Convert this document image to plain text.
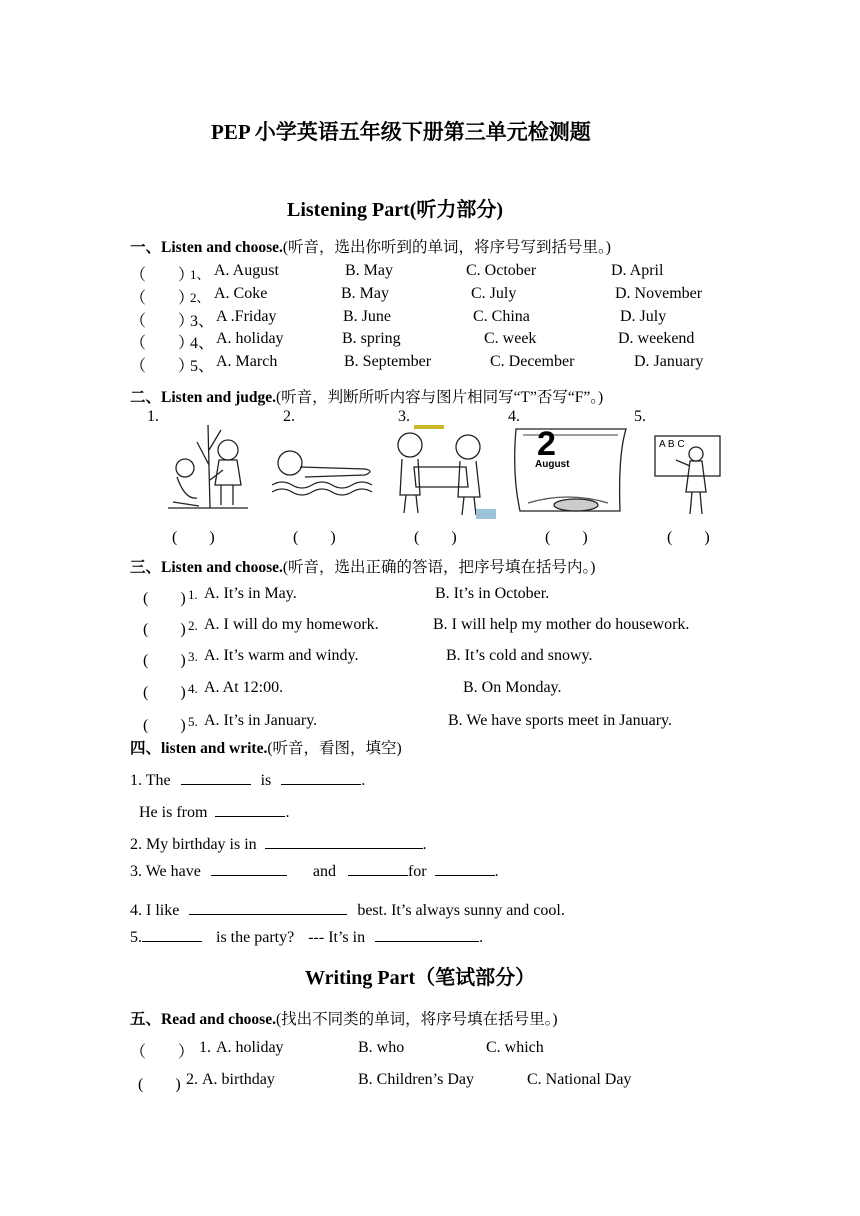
PEP 小学英语五年级下册第三单元检测题
Listening Part(听力部分)
一、Listen and choose.(听音，选出你听到的单词，将序号写到括号里。)
（　　）
1、 A. August	B. May	C. October	D. April
（　　）
2、 A. Coke	B. May	C. July	D. November
（　　）
3、 A .Friday	B. June	C. China	D. July
（　　）
4、 A. holiday	B. spring	C. week	D. weekend
（　　）
5、 A. March	B. September	C. December	D. January
二、Listen and judge.(听音，判断所听内容与图片相同写“T”否写“F”。)
1.	2.	3.	4.	5.
2
August
A B C
(　　)	(　　)	(　　)	(　　)	(　　)
三、Listen and choose.(听音，选出正确的答语，把序号填在括号内。)
(　　) 1. A. It’s in May.	B. It’s in October.
(　　) 2. A. I will do my homework.	B. I will help my mother do housework.
(　　) 3. A. It’s warm and windy.	B. It’s cold and snowy.
(　　) 4. A. At 12:00.	B. On Monday.
(　　) 5. A. It’s in January.	B. We have sports meet in January.
四、listen and write.(听音，看图，填空)
1. The	is	.
He is from	.
2. My birthday is in	.
3. We have	and	for	.
4. I like	best. It’s always sunny and cool.
5.	is the party? --- It’s in	.
Writing Part（笔试部分）
五、Read and choose.(找出不同类的单词，将序号填在括号里。)
（　　） 1. A. holiday	B. who	C. which
(　　) 2. A. birthday	B. Children’s Day	C. National Day
